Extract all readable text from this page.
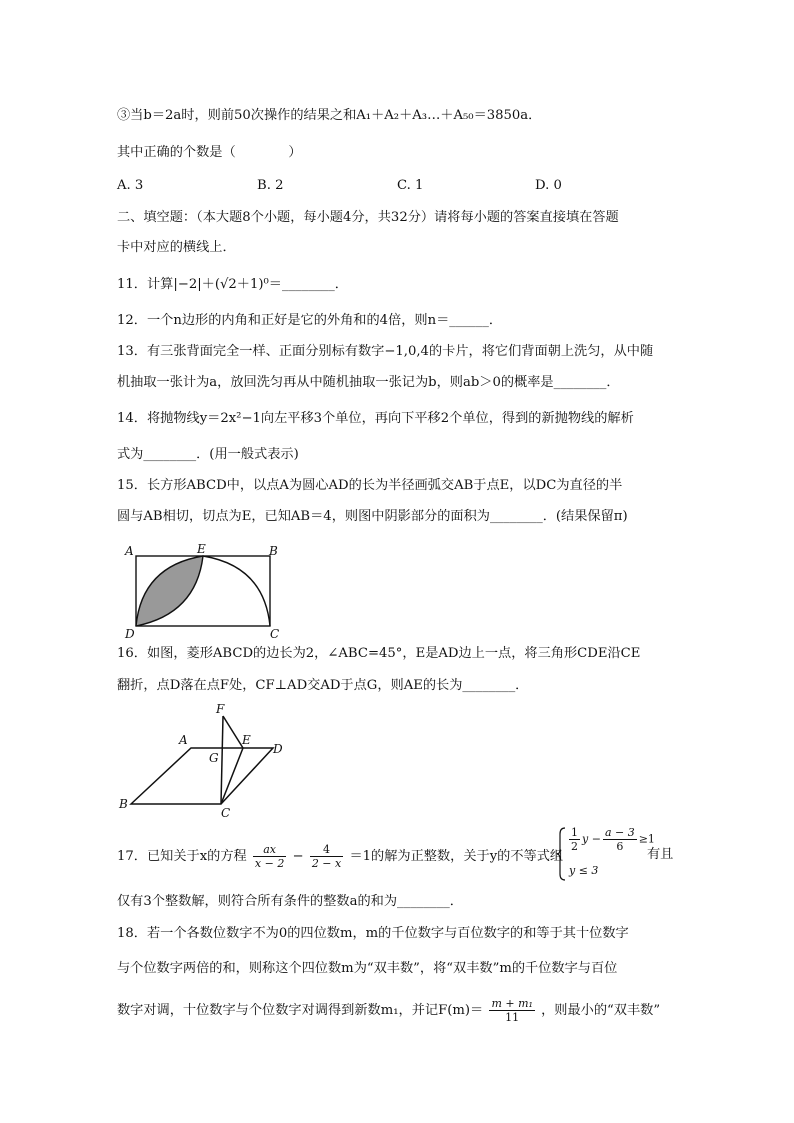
③当b＝2a时，则前50次操作的结果之和A₁＋A₂＋A₃…＋A₅₀＝3850a．
其中正确的个数是（　　　　）
A. 3	B. 2	C. 1	D. 0
二、填空题：（本大题8个小题，每小题4分，共32分）请将每小题的答案直接填在答题
卡中对应的横线上．
11．计算|−2|＋(√2＋1)⁰＝________．
12．一个n边形的内角和正好是它的外角和的4倍，则n＝______．
13．有三张背面完全一样、正面分别标有数字−1,0,4的卡片，将它们背面朝上洗匀，从中随
机抽取一张计为a，放回洗匀再从中随机抽取一张记为b，则ab＞0的概率是________．
14．将抛物线y＝2x²−1向左平移3个单位，再向下平移2个单位，得到的新抛物线的解析
式为________．(用一般式表示)
15．长方形ABCD中，以点A为圆心AD的长为半径画弧交AB于点E，以DC为直径的半
圆与AB相切，切点为E，已知AB＝4，则图中阴影部分的面积为________．(结果保留π)
A	E	B
C
D
16．如图，菱形ABCD的边长为2，∠ABC=45°，E是AD边上一点，将三角形CDE沿CE
翻折，点D落在点F处，CF⊥AD交AD于点G，则AE的长为________．
F
A	E
D
G
B
C
17．已知关于x的方程 $\frac{ax}{x - 2} - \frac{4}{2 - x} =1$的解为正整数，关于y的不等式组
$\frac{1}{2}$ $y - \frac{a - 3}{6} \ge 1$
y ≤ 3
有且
仅有3个整数解，则符合所有条件的整数a的和为________．
18．若一个各数位数字不为0的四位数m，m的千位数字与百位数字的和等于其十位数字
与个位数字两倍的和，则称这个四位数m为“双丰数”，将“双丰数”m的千位数字与百位
数字对调，十位数字与个位数字对调得到新数m₁，并记$F(m)= \frac{\text{m + m₁}}{11}$ ，则最小的“双丰数”
